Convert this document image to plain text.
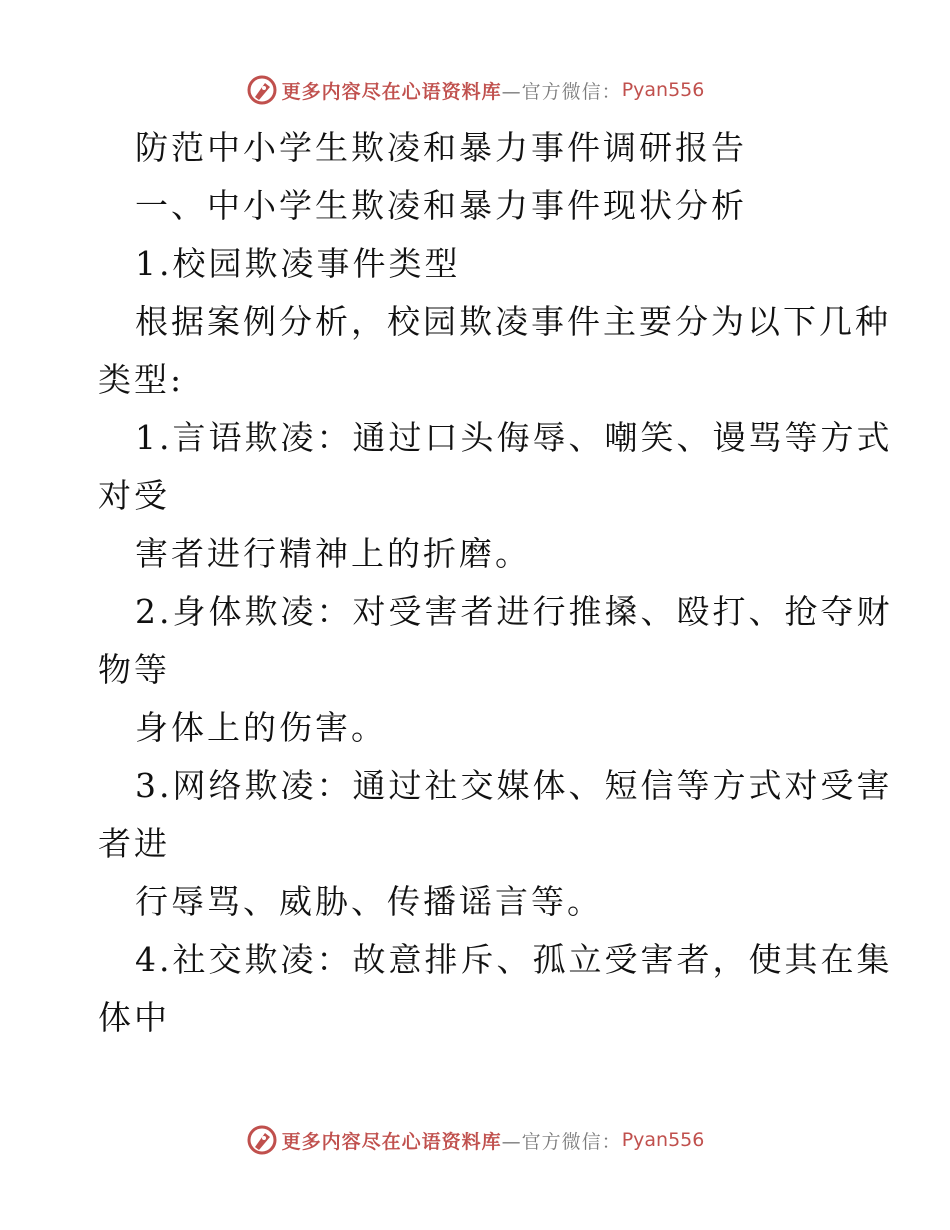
更多内容尽在心语资料库 —官方微信： Pyan556
防范中小学生欺凌和暴力事件调研报告
一、中小学生欺凌和暴力事件现状分析
1.校园欺凌事件类型
根据案例分析，校园欺凌事件主要分为以下几种
类型:
1.言语欺凌：通过口头侮辱、嘲笑、谩骂等方式
对受
害者进行精神上的折磨。
2.身体欺凌：对受害者进行推搡、殴打、抢夺财
物等
身体上的伤害。
3.网络欺凌：通过社交媒体、短信等方式对受害
者进
行辱骂、威胁、传播谣言等。
4.社交欺凌：故意排斥、孤立受害者，使其在集
体中
更多内容尽在心语资料库 —官方微信： Pyan556
